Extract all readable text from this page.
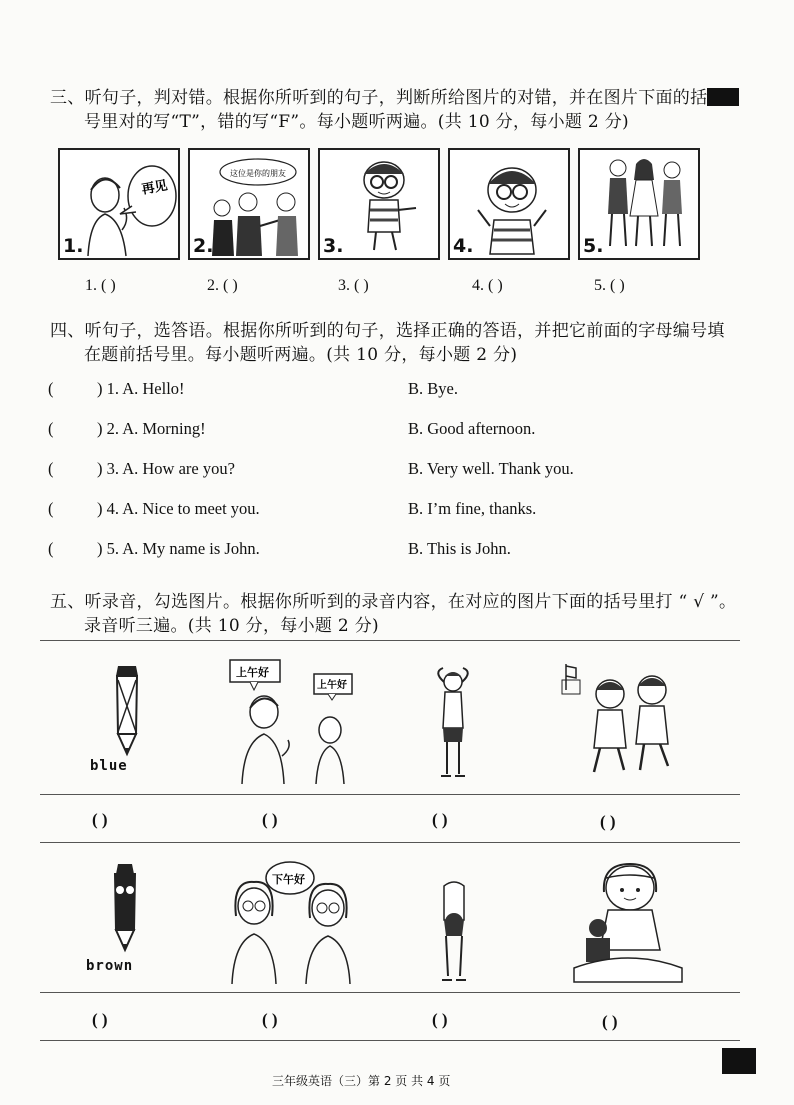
三、听句子，判对错。根据你所听到的句子，判断所给图片的对错，并在图片下面的括
号里对的写“T”，错的写“F”。每小题听两遍。(共 10 分，每小题 2 分)
再见
1.
这位是你的朋友
2.	3.	4.	5.
1. ( )	2. ( )	3. ( )	4. ( )	5. ( )
四、听句子，选答语。根据你所听到的句子，选择正确的答语，并把它前面的字母编号填
在题前括号里。每小题听两遍。(共 10 分，每小题 2 分)
(	) 1. A. Hello!	B. Bye.
(	) 2. A. Morning!	B. Good afternoon.
(	) 3. A. How are you?	B. Very well. Thank you.
(	) 4. A. Nice to meet you.	B. I’m fine, thanks.
(	) 5. A. My name is John.	B. This is John.
五、听录音，勾选图片。根据你所听到的录音内容，在对应的图片下面的括号里打 “ √ ”。
录音听三遍。(共 10 分，每小题 2 分)
blue
上午好
上午好
( )	( )	( )	( )
brown
下午好
( )	( )	( )	( )
三年级英语（三）第 2 页 共 4 页
